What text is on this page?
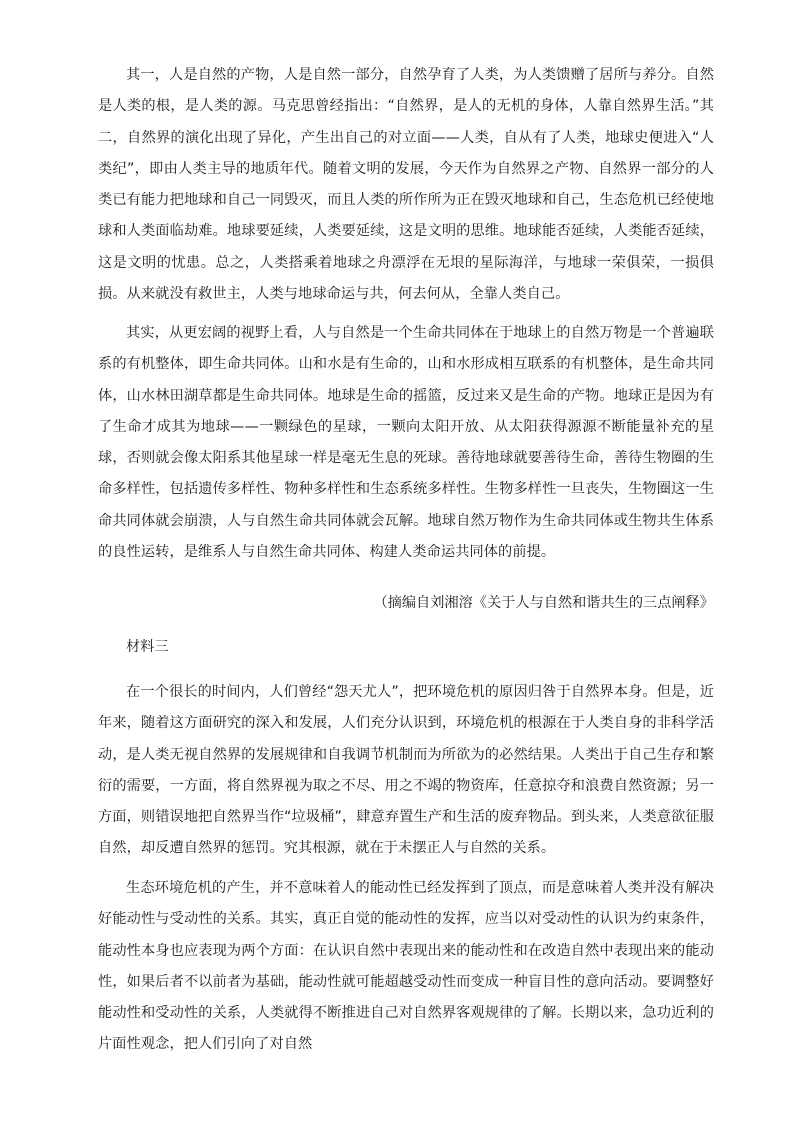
其一，人是自然的产物，人是自然一部分，自然孕育了人类，为人类馈赠了居所与养分。自然是人类的根，是人类的源。马克思曾经指出：“自然界，是人的无机的身体，人靠自然界生活。”其二，自然界的演化出现了异化，产生出自己的对立面——人类，自从有了人类，地球史便进入“人类纪”，即由人类主导的地质年代。随着文明的发展，今天作为自然界之产物、自然界一部分的人类已有能力把地球和自己一同毁灭，而且人类的所作所为正在毁灭地球和自己，生态危机已经使地球和人类面临劫难。地球要延续，人类要延续，这是文明的思维。地球能否延续，人类能否延续，这是文明的忧患。总之，人类搭乘着地球之舟漂浮在无垠的星际海洋，与地球一荣俱荣，一损俱损。从来就没有救世主，人类与地球命运与共，何去何从，全靠人类自己。

其实，从更宏阔的视野上看，人与自然是一个生命共同体在于地球上的自然万物是一个普遍联系的有机整体，即生命共同体。山和水是有生命的，山和水形成相互联系的有机整体，是生命共同体，山水林田湖草都是生命共同体。地球是生命的摇篮，反过来又是生命的产物。地球正是因为有了生命才成其为地球——一颗绿色的星球，一颗向太阳开放、从太阳获得源源不断能量补充的星球，否则就会像太阳系其他星球一样是毫无生息的死球。善待地球就要善待生命，善待生物圈的生命多样性，包括遗传多样性、物种多样性和生态系统多样性。生物多样性一旦丧失，生物圈这一生命共同体就会崩溃，人与自然生命共同体就会瓦解。地球自然万物作为生命共同体或生物共生体系的良性运转，是维系人与自然生命共同体、构建人类命运共同体的前提。

（摘编自刘湘溶《关于人与自然和谐共生的三点阐释》

材料三

在一个很长的时间内，人们曾经“怨天尤人”，把环境危机的原因归咎于自然界本身。但是，近年来，随着这方面研究的深入和发展，人们充分认识到，环境危机的根源在于人类自身的非科学活动，是人类无视自然界的发展规律和自我调节机制而为所欲为的必然结果。人类出于自己生存和繁衍的需要，一方面，将自然界视为取之不尽、用之不竭的物资库，任意掠夺和浪费自然资源；另一方面，则错误地把自然界当作“垃圾桶”，肆意弃置生产和生活的废弃物品。到头来，人类意欲征服自然，却反遭自然界的惩罚。究其根源，就在于未摆正人与自然的关系。

生态环境危机的产生，并不意味着人的能动性已经发挥到了顶点，而是意味着人类并没有解决好能动性与受动性的关系。其实，真正自觉的能动性的发挥，应当以对受动性的认识为约束条件，能动性本身也应表现为两个方面：在认识自然中表现出来的能动性和在改造自然中表现出来的能动性，如果后者不以前者为基础，能动性就可能超越受动性而变成一种盲目性的意向活动。要调整好能动性和受动性的关系，人类就得不断推进自己对自然界客观规律的了解。长期以来，急功近利的片面性观念，把人们引向了对自然
